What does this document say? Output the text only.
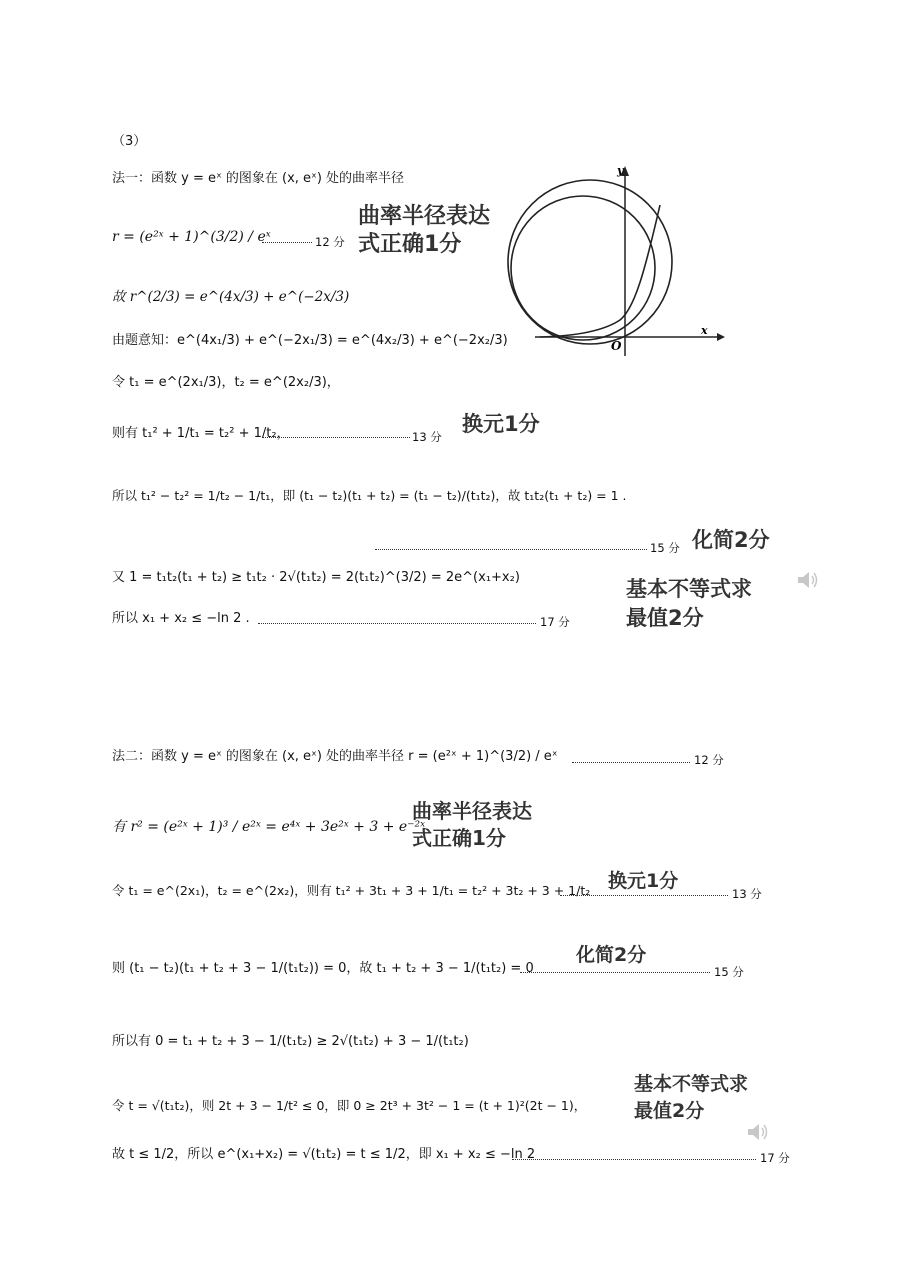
（3）
法一：函数 y = eˣ 的图象在 (x, eˣ) 处的曲率半径
r = (e²ˣ + 1)^(3/2) / eˣ	12 分
故 r^(2/3) = e^(4x/3) + e^(−2x/3)
由题意知：e^(4x₁/3) + e^(−2x₁/3) = e^(4x₂/3) + e^(−2x₂/3)
令 t₁ = e^(2x₁/3)，t₂ = e^(2x₂/3)，
则有 t₁² + 1/t₁ = t₂² + 1/t₂，	13 分
所以 t₁² − t₂² = 1/t₂ − 1/t₁，即 (t₁ − t₂)(t₁ + t₂) = (t₁ − t₂)/(t₁t₂)，故 t₁t₂(t₁ + t₂) = 1 .
15 分
又 1 = t₁t₂(t₁ + t₂) ≥ t₁t₂ · 2√(t₁t₂) = 2(t₁t₂)^(3/2) = 2e^(x₁+x₂)
所以 x₁ + x₂ ≤ −ln 2 .	17 分
曲率半径表达
式正确1分
换元1分
化简2分
基本不等式求
最值2分
y
x
O
法二：函数 y = eˣ 的图象在 (x, eˣ) 处的曲率半径 r = (e²ˣ + 1)^(3/2) / eˣ	12 分
有 r² = (e²ˣ + 1)³ / e²ˣ = e⁴ˣ + 3e²ˣ + 3 + e⁻²ˣ
令 t₁ = e^(2x₁)，t₂ = e^(2x₂)，则有 t₁² + 3t₁ + 3 + 1/t₁ = t₂² + 3t₂ + 3 + 1/t₂	13 分
则 (t₁ − t₂)(t₁ + t₂ + 3 − 1/(t₁t₂)) = 0，故 t₁ + t₂ + 3 − 1/(t₁t₂) = 0	15 分
所以有 0 = t₁ + t₂ + 3 − 1/(t₁t₂) ≥ 2√(t₁t₂) + 3 − 1/(t₁t₂)
令 t = √(t₁t₂)，则 2t + 3 − 1/t² ≤ 0，即 0 ≥ 2t³ + 3t² − 1 = (t + 1)²(2t − 1)，
故 t ≤ 1/2，所以 e^(x₁+x₂) = √(t₁t₂) = t ≤ 1/2，即 x₁ + x₂ ≤ −ln 2	17 分
曲率半径表达
式正确1分
换元1分
化简2分
基本不等式求
最值2分
